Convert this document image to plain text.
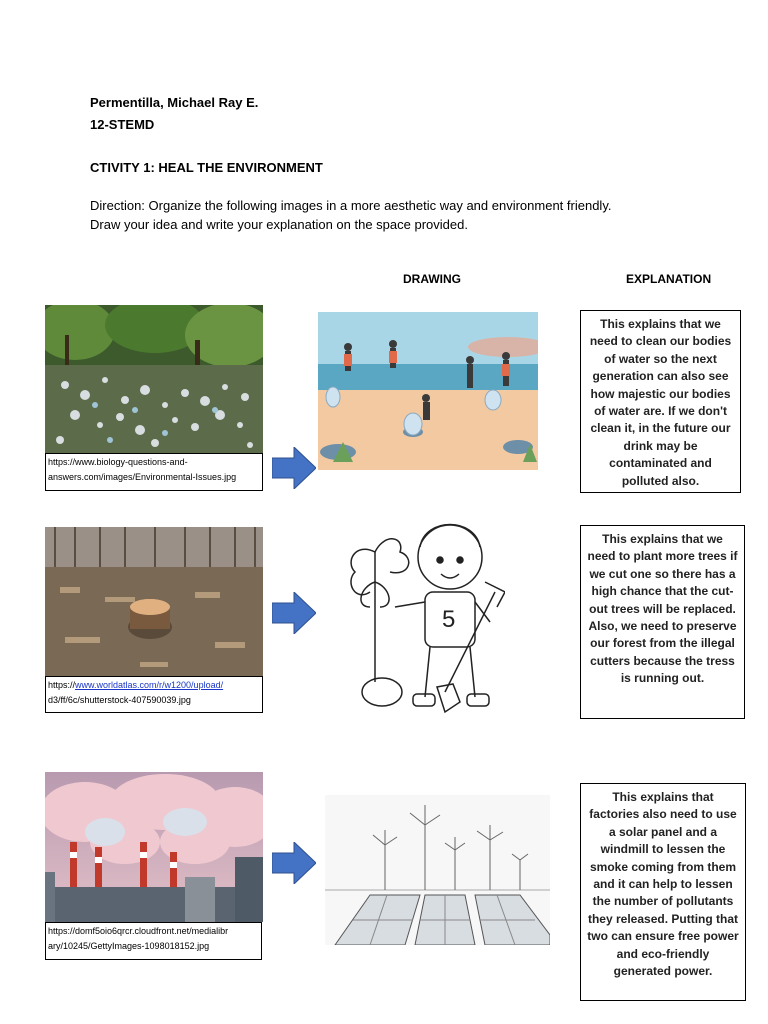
Permentilla, Michael Ray E.
12-STEMD
CTIVITY 1: HEAL THE ENVIRONMENT
Direction: Organize the following images in a more aesthetic way and environment friendly.
Draw your idea and write your explanation on the space provided.
DRAWING	EXPLANATION
https://www.biology-questions-and-
answers.com/images/Environmental-Issues.jpg
This explains that we need to clean our bodies of water so the next generation can also see how majestic our bodies of water are. If we don't clean it, in the future our drink may be contaminated and polluted also.
https://www.worldatlas.com/r/w1200/upload/
d3/ff/6c/shutterstock-407590039.jpg
5
This explains that we need to plant more trees if we cut one so there has a high chance that the cut-out trees will be replaced. Also, we need to preserve our forest from the illegal cutters because the tress is running out.
https://domf5oio6qrcr.cloudfront.net/medialibr
ary/10245/GettyImages-1098018152.jpg
This explains that factories also need to use a solar panel and a windmill to lessen the smoke coming from them and it can help to lessen the number of pollutants they released. Putting that two can ensure free power and eco-friendly generated power.
